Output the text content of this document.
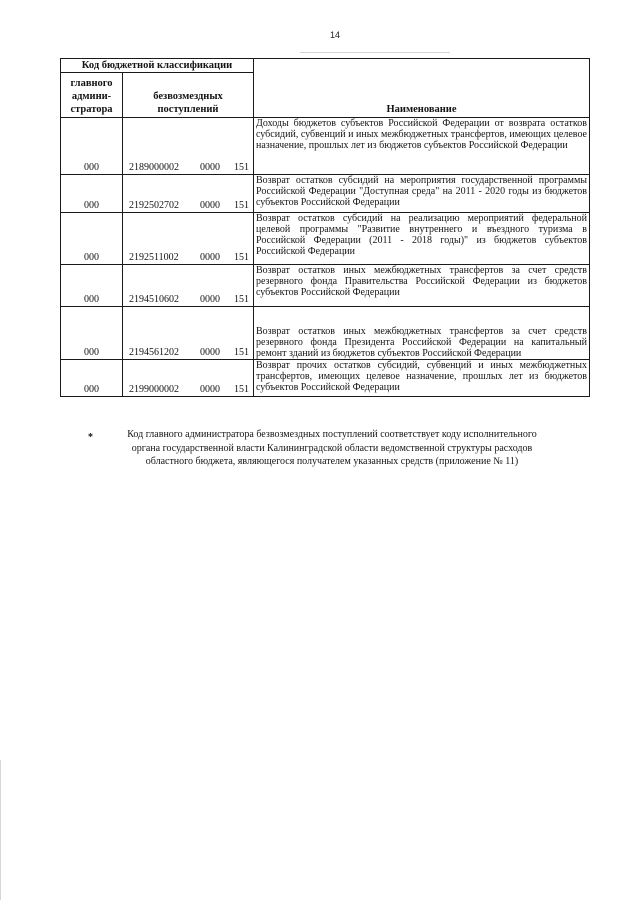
14
Код бюджетной классификации		Наименование
главного админи- стратора	безвозмездных поступлений	
000	2189000002 0000 151	Доходы бюджетов субъектов Российской Федерации от возврата остатков субсидий, субвенций и иных межбюджетных трансфертов, имеющих целевое назначение, прошлых лет из бюджетов субъектов Российской Федерации
000	2192502702 0000 151	Возврат остатков субсидий на мероприятия государственной программы Российской Федерации "Доступная среда" на 2011 - 2020 годы из бюджетов субъектов Российской Федерации
000	2192511002 0000 151	Возврат остатков субсидий на реализацию мероприятий федеральной целевой программы "Развитие внутреннего и въездного туризма в Российской Федерации (2011 - 2018 годы)" из бюджетов субъектов Российской Федерации
000	2194510602 0000 151	Возврат остатков иных межбюджетных трансфертов за счет средств резервного фонда Правительства Российской Федерации из бюджетов субъектов Российской Федерации
000	2194561202 0000 151	Возврат остатков иных межбюджетных трансфертов за счет средств резервного фонда Президента Российской Федерации на капитальный ремонт зданий из бюджетов субъектов Российской Федерации
000	2199000002 0000 151	Возврат прочих остатков субсидий, субвенций и иных межбюджетных трансфертов, имеющих целевое назначение, прошлых лет из бюджетов субъектов Российской Федерации
*	Код главного администратора безвозмездных поступлений соответствует коду исполнительного органа государственной власти Калининградской области ведомственной структуры расходов областного бюджета, являющегося получателем указанных средств (приложение № 11)
